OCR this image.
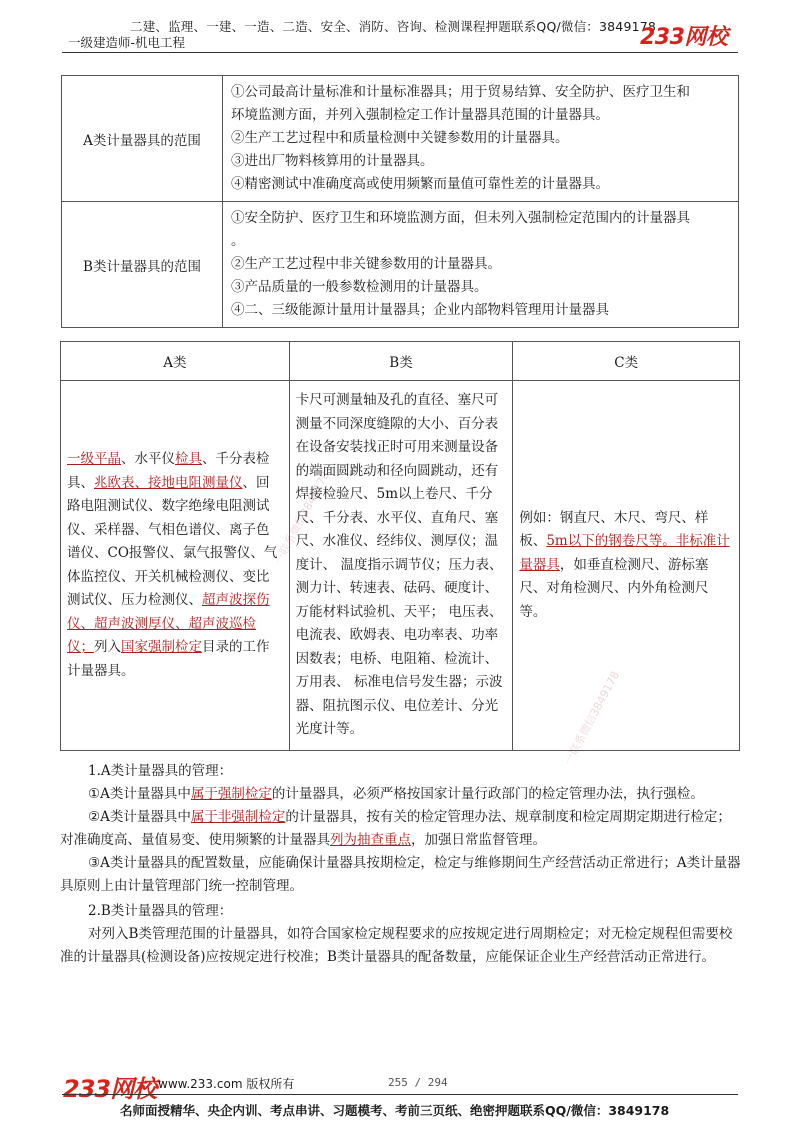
二建、监理、一建、一造、二造、安全、消防、咨询、检测课程押题联系QQ/微信：3849178
一级建造师-机电工程	233网校
一联系微信3849178
一联系微信3849178
A类计量器具的范围	①公司最高计量标准和计量标准器具；用于贸易结算、安全防护、医疗卫生和
环境监测方面，并列入强制检定工作计量器具范围的计量器具。
②生产工艺过程中和质量检测中关键参数用的计量器具。
③进出厂物料核算用的计量器具。
④精密测试中准确度高或使用频繁而量值可靠性差的计量器具。

B类计量器具的范围	①安全防护、医疗卫生和环境监测方面，但未列入强制检定范围内的计量器具
。
②生产工艺过程中非关键参数用的计量器具。
③产品质量的一般参数检测用的计量器具。
④二、三级能源计量用计量器具；企业内部物料管理用计量器具
A类	B类	C类
一级平晶、水平仪检具、千分表检具、兆欧表、接地电阻测量仪、回路电阻测试仪、数字绝缘电阻测试仪、采样器、气相色谱仪、离子色谱仪、CO报警仪、氯气报警仪、气体监控仪、开关机械检测仪、变比测试仪、压力检测仪、超声波探伤仪、超声波测厚仪、超声波巡检仪；列入国家强制检定目录的工作计量器具。	卡尺可测量轴及孔的直径、塞尺可测量不同深度缝隙的大小、百分表在设备安装找正时可用来测量设备的端面圆跳动和径向圆跳动，还有焊接检验尺、5m以上卷尺、千分尺、千分表、水平仪、直角尺、塞尺、水准仪、经纬仪、测厚仪；温度计、 温度指示调节仪；压力表、测力计、转速表、砝码、硬度计、万能材料试验机、天平； 电压表、电流表、欧姆表、电功率表、功率因数表；电桥、电阻箱、检流计、万用表、 标准电信号发生器；示波器、阻抗图示仪、电位差计、分光光度计等。	例如：钢直尺、木尺、弯尺、样板、5m以下的钢卷尺等。非标准计量器具，如垂直检测尺、游标塞尺、对角检测尺、内外角检测尺等。

1.A类计量器具的管理：

①A类计量器具中属于强制检定的计量器具，必须严格按国家计量行政部门的检定管理办法，执行强检。

②A类计量器具中属于非强制检定的计量器具，按有关的检定管理办法、规章制度和检定周期定期进行检定；对准确度高、量值易变、使用频繁的计量器具列为抽查重点，加强日常监督管理。

③A类计量器具的配置数量，应能确保计量器具按期检定，检定与维修期间生产经营活动正常进行；A类计量器具原则上由计量管理部门统一控制管理。

2.B类计量器具的管理：

对列入B类管理范围的计量器具，如符合国家检定规程要求的应按规定进行周期检定；对无检定规程但需要校准的计量器具(检测设备)应按规定进行校准；B类计量器具的配备数量，应能保证企业生产经营活动正常进行。

233网校 www.233.com 版权所有	255 / 294
名师面授精华、央企内训、考点串讲、习题模考、考前三页纸、绝密押题联系QQ/微信：3849178
